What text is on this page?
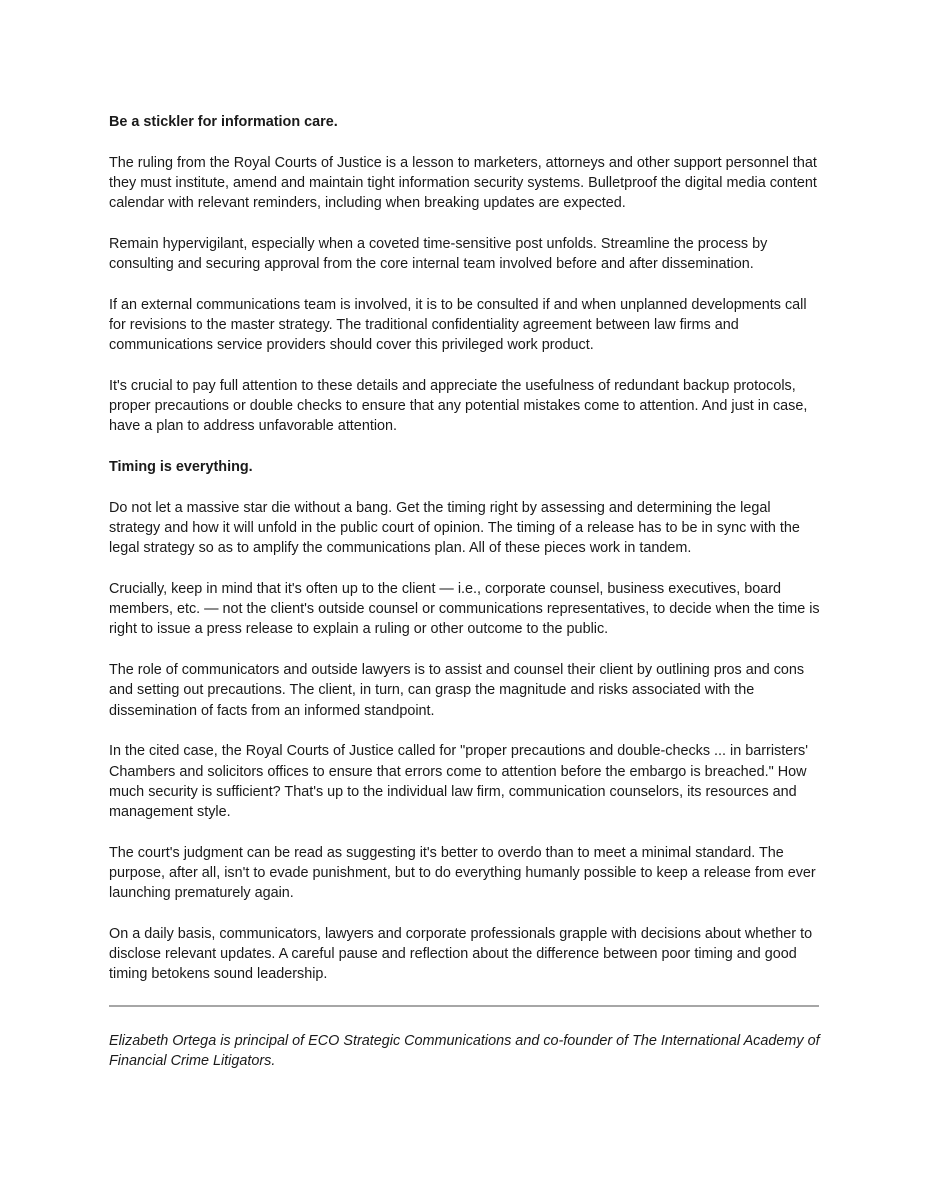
Be a stickler for information care.

The ruling from the Royal Courts of Justice is a lesson to marketers, attorneys and other support personnel that they must institute, amend and maintain tight information security systems. Bulletproof the digital media content calendar with relevant reminders, including when breaking updates are expected.

Remain hypervigilant, especially when a coveted time-sensitive post unfolds. Streamline the process by consulting and securing approval from the core internal team involved before and after dissemination.

If an external communications team is involved, it is to be consulted if and when unplanned developments call for revisions to the master strategy. The traditional confidentiality agreement between law firms and communications service providers should cover this privileged work product.

It's crucial to pay full attention to these details and appreciate the usefulness of redundant backup protocols, proper precautions or double checks to ensure that any potential mistakes come to attention. And just in case, have a plan to address unfavorable attention.

Timing is everything.

Do not let a massive star die without a bang. Get the timing right by assessing and determining the legal strategy and how it will unfold in the public court of opinion. The timing of a release has to be in sync with the legal strategy so as to amplify the communications plan. All of these pieces work in tandem.

Crucially, keep in mind that it's often up to the client — i.e., corporate counsel, business executives, board members, etc. — not the client's outside counsel or communications representatives, to decide when the time is right to issue a press release to explain a ruling or other outcome to the public.

The role of communicators and outside lawyers is to assist and counsel their client by outlining pros and cons and setting out precautions. The client, in turn, can grasp the magnitude and risks associated with the dissemination of facts from an informed standpoint.

In the cited case, the Royal Courts of Justice called for "proper precautions and double-checks ... in barristers' Chambers and solicitors offices to ensure that errors come to attention before the embargo is breached." How much security is sufficient? That's up to the individual law firm, communication counselors, its resources and management style.

The court's judgment can be read as suggesting it's better to overdo than to meet a minimal standard. The purpose, after all, isn't to evade punishment, but to do everything humanly possible to keep a release from ever launching prematurely again.

On a daily basis, communicators, lawyers and corporate professionals grapple with decisions about whether to disclose relevant updates. A careful pause and reflection about the difference between poor timing and good timing betokens sound leadership.

Elizabeth Ortega is principal of ECO Strategic Communications and co-founder of The International Academy of Financial Crime Litigators.
